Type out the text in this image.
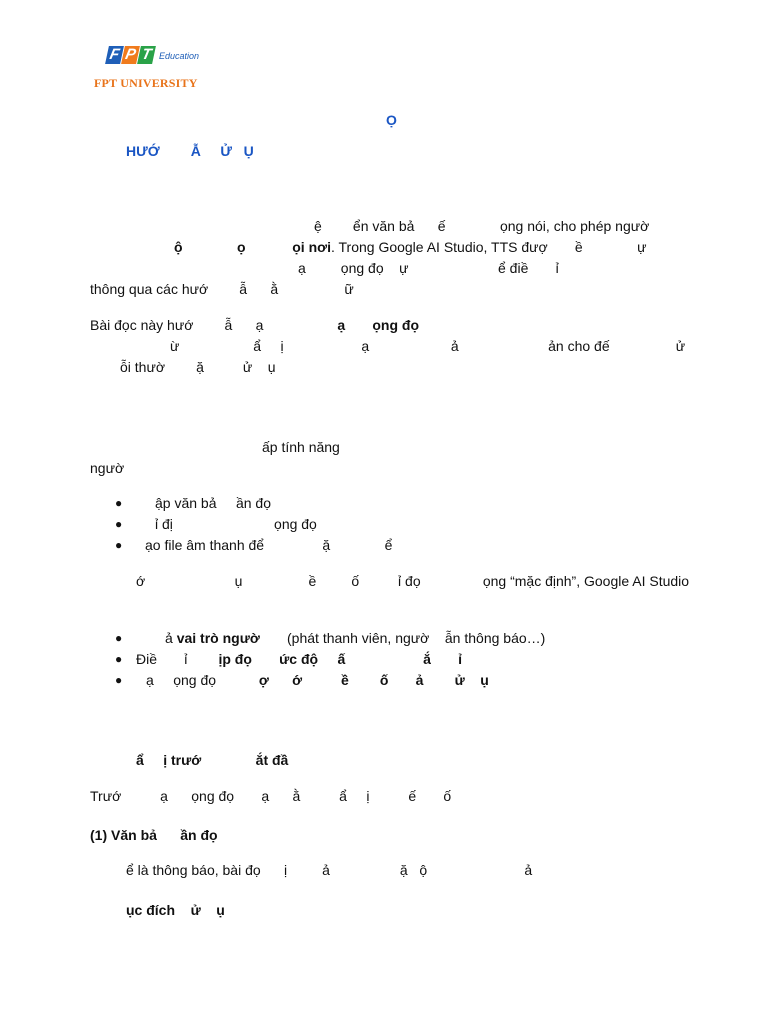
F P T Education
FPT UNIVERSITY
Ọ
HƯỚ        Ẫ     Ử   Ụ
ệ        ển văn bả      ế              ọng nói, cho phép ngườ
ộ              ọ            ọi nơi. Trong Google AI Studio, TTS đượ       ề              ự
ạ         ọng đọ    ự                       ể điề       ỉ
thông qua các hướ        ẫ      ằ                 ữ
Bài đọc này hướ        ẫ      ạ	ạ       ọng đọ
ừ                   ẩ     ị                    ạ                     ả                       ản cho đế                 ử
ỗi thườ        ặ          ử    ụ
ấp tính năng
ngườ
● ập văn bả     ần đọ
● ỉ đị                          ọng đọ
● ạo file âm thanh để               ặ              ể
ớ                       ụ                 ề         ố          ỉ đọ                ọng “mặc định”, Google AI Studio
●	ả vai trò ngườ       (phát thanh viên, ngườ    ẫn thông báo…)
● Điề       ỉ        ịp đọ       ức độ     ấ                    ắ       ỉ
● ạ     ọng đọ           ợ      ớ          ề        ố       ả        ử    ụ
ẩ     ị trướ              ắt đầ
Trướ          ạ      ọng đọ       ạ      ằ          ẩ     ị          ế       ố
(1) Văn bả      ần đọ
ể là thông báo, bài đọ      ị         ả                  ặ   ộ                         ả
ục đích    ử    ụ
